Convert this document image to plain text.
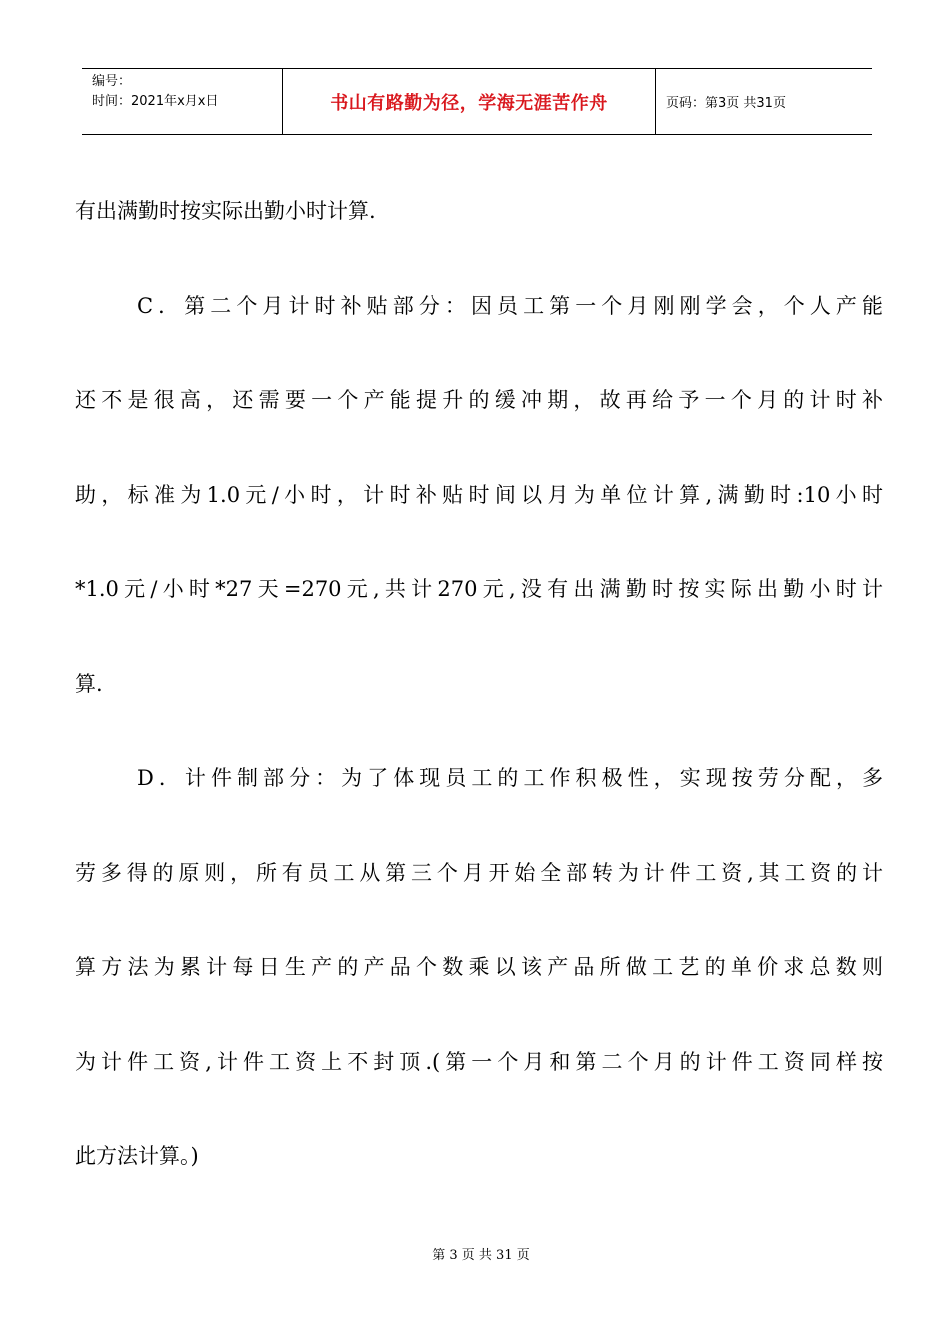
编号：
时间：2021年x月x日	书山有路勤为径，学海无涯苦作舟	页码：第3页 共31页
有出满勤时按实际出勤小时计算.
C．第二个月计时补贴部分：因员工第一个月刚刚学会，个人产能
还不是很高，还需要一个产能提升的缓冲期，故再给予一个月的计时补
助，标准为1.0元/小时，计时补贴时间以月为单位计算,满勤时:10小时
*1.0元/小时*27天=270元,共计270元,没有出满勤时按实际出勤小时计
算.
D．计件制部分：为了体现员工的工作积极性，实现按劳分配，多
劳多得的原则，所有员工从第三个月开始全部转为计件工资,其工资的计
算方法为累计每日生产的产品个数乘以该产品所做工艺的单价求总数则
为计件工资,计件工资上不封顶.(第一个月和第二个月的计件工资同样按
此方法计算。)
第 3 页 共 31 页
